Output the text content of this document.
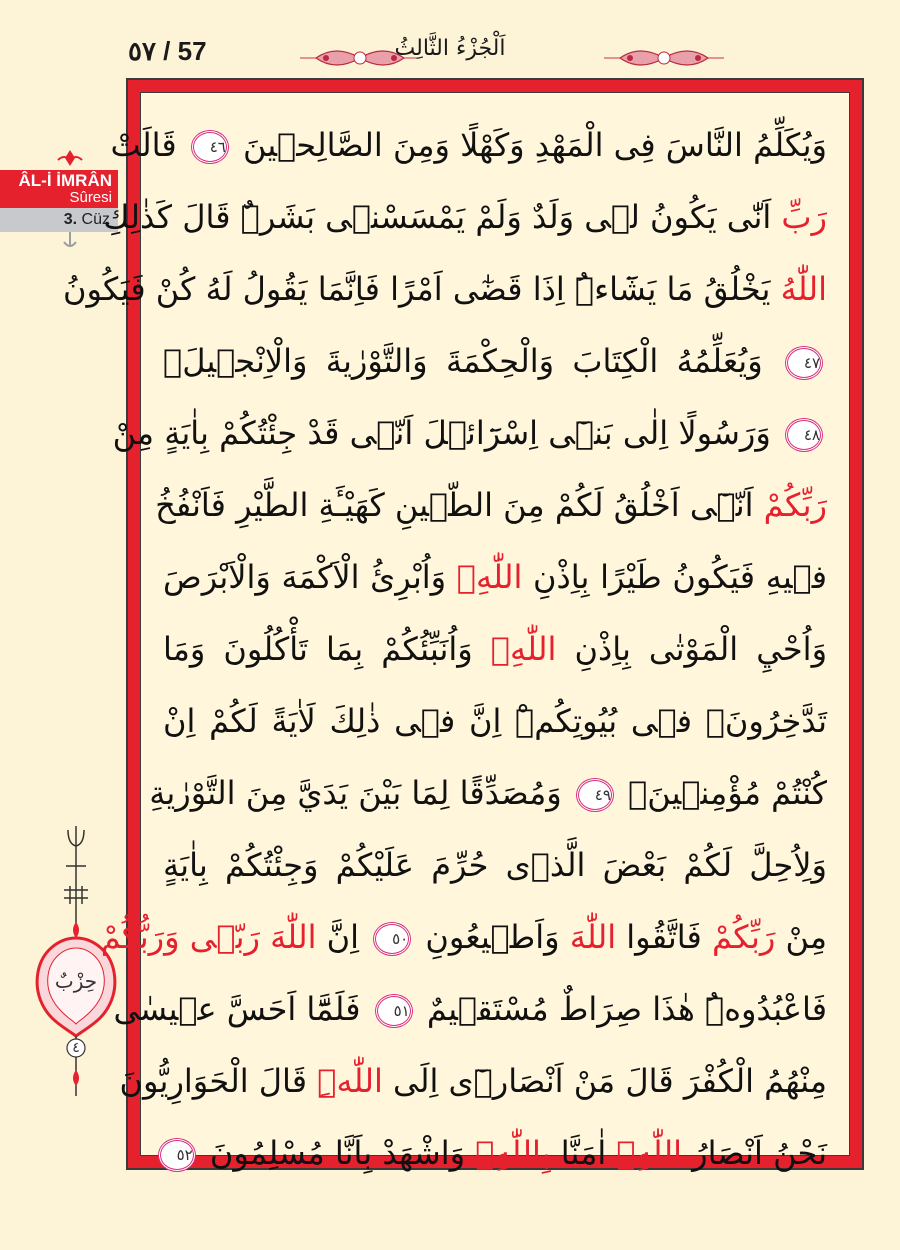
٥٧ / 57	اَلْجُزْءُ الثَّالِثُ
ÂL-İ İMRÂN
Sûresi
3. Cüz
حِزْبٌ
٤
وَيُكَلِّمُ النَّاسَ فِى الْمَهْدِ وَكَهْلًا وَمِنَ الصَّالِح۪ينَ ٤٦ قَالَتْ
رَبِّ اَنّٰى يَكُونُ ل۪ى وَلَدٌ وَلَمْ يَمْسَسْن۪ى بَشَرٌۜ قَالَ كَذٰلِكِ
اللّٰهُ يَخْلُقُ مَا يَشَٓاءُۜ اِذَا قَضٰٓى اَمْرًا فَاِنَّمَا يَقُولُ لَهُ كُنْ فَيَكُونُ
٤٧ وَيُعَلِّمُهُ الْكِتَابَ وَالْحِكْمَةَ وَالتَّوْرٰيةَ وَالْاِنْج۪يلَۚ
٤٨ وَرَسُولًا اِلٰى بَن۪ٓى اِسْرَٓائ۪لَ اَنّ۪ى قَدْ جِئْتُكُمْ بِاٰيَةٍ مِنْ
رَبِّكُمْ اَنّ۪ٓى اَخْلُقُ لَكُمْ مِنَ الطّ۪ينِ كَهَيْـَٔةِ الطَّيْرِ فَاَنْفُخُ
ف۪يهِ فَيَكُونُ طَيْرًا بِاِذْنِ اللّٰهِۚ وَاُبْرِئُ الْاَكْمَهَ وَالْاَبْرَصَ
وَاُحْيِ الْمَوْتٰى بِاِذْنِ اللّٰهِۚ وَاُنَبِّئُكُمْ بِمَا تَأْكُلُونَ وَمَا
تَدَّخِرُونَۙ ف۪ى بُيُوتِكُمْۜ اِنَّ ف۪ى ذٰلِكَ لَاٰيَةً لَكُمْ اِنْ
كُنْتُمْ مُؤْمِن۪ينَۚ ٤٩ وَمُصَدِّقًا لِمَا بَيْنَ يَدَيَّ مِنَ التَّوْرٰيةِ
وَلِاُحِلَّ لَكُمْ بَعْضَ الَّذ۪ى حُرِّمَ عَلَيْكُمْ وَجِئْتُكُمْ بِاٰيَةٍ
مِنْ رَبِّكُمْ فَاتَّقُوا اللّٰهَ وَاَط۪يعُونِ ٥٠ اِنَّ اللّٰهَ رَبّ۪ى وَرَبُّكُمْ
فَاعْبُدُوهُۜ هٰذَا صِرَاطٌ مُسْتَق۪يمٌ ٥١ فَلَمَّٓا اَحَسَّ ع۪يسٰى
مِنْهُمُ الْكُفْرَ قَالَ مَنْ اَنْصَار۪ٓى اِلَى اللّٰهِۜ قَالَ الْحَوَارِيُّونَ
نَحْنُ اَنْصَارُ اللّٰهِۚ اٰمَنَّا بِاللّٰهِۚ وَاشْهَدْ بِاَنَّا مُسْلِمُونَ ٥٢
